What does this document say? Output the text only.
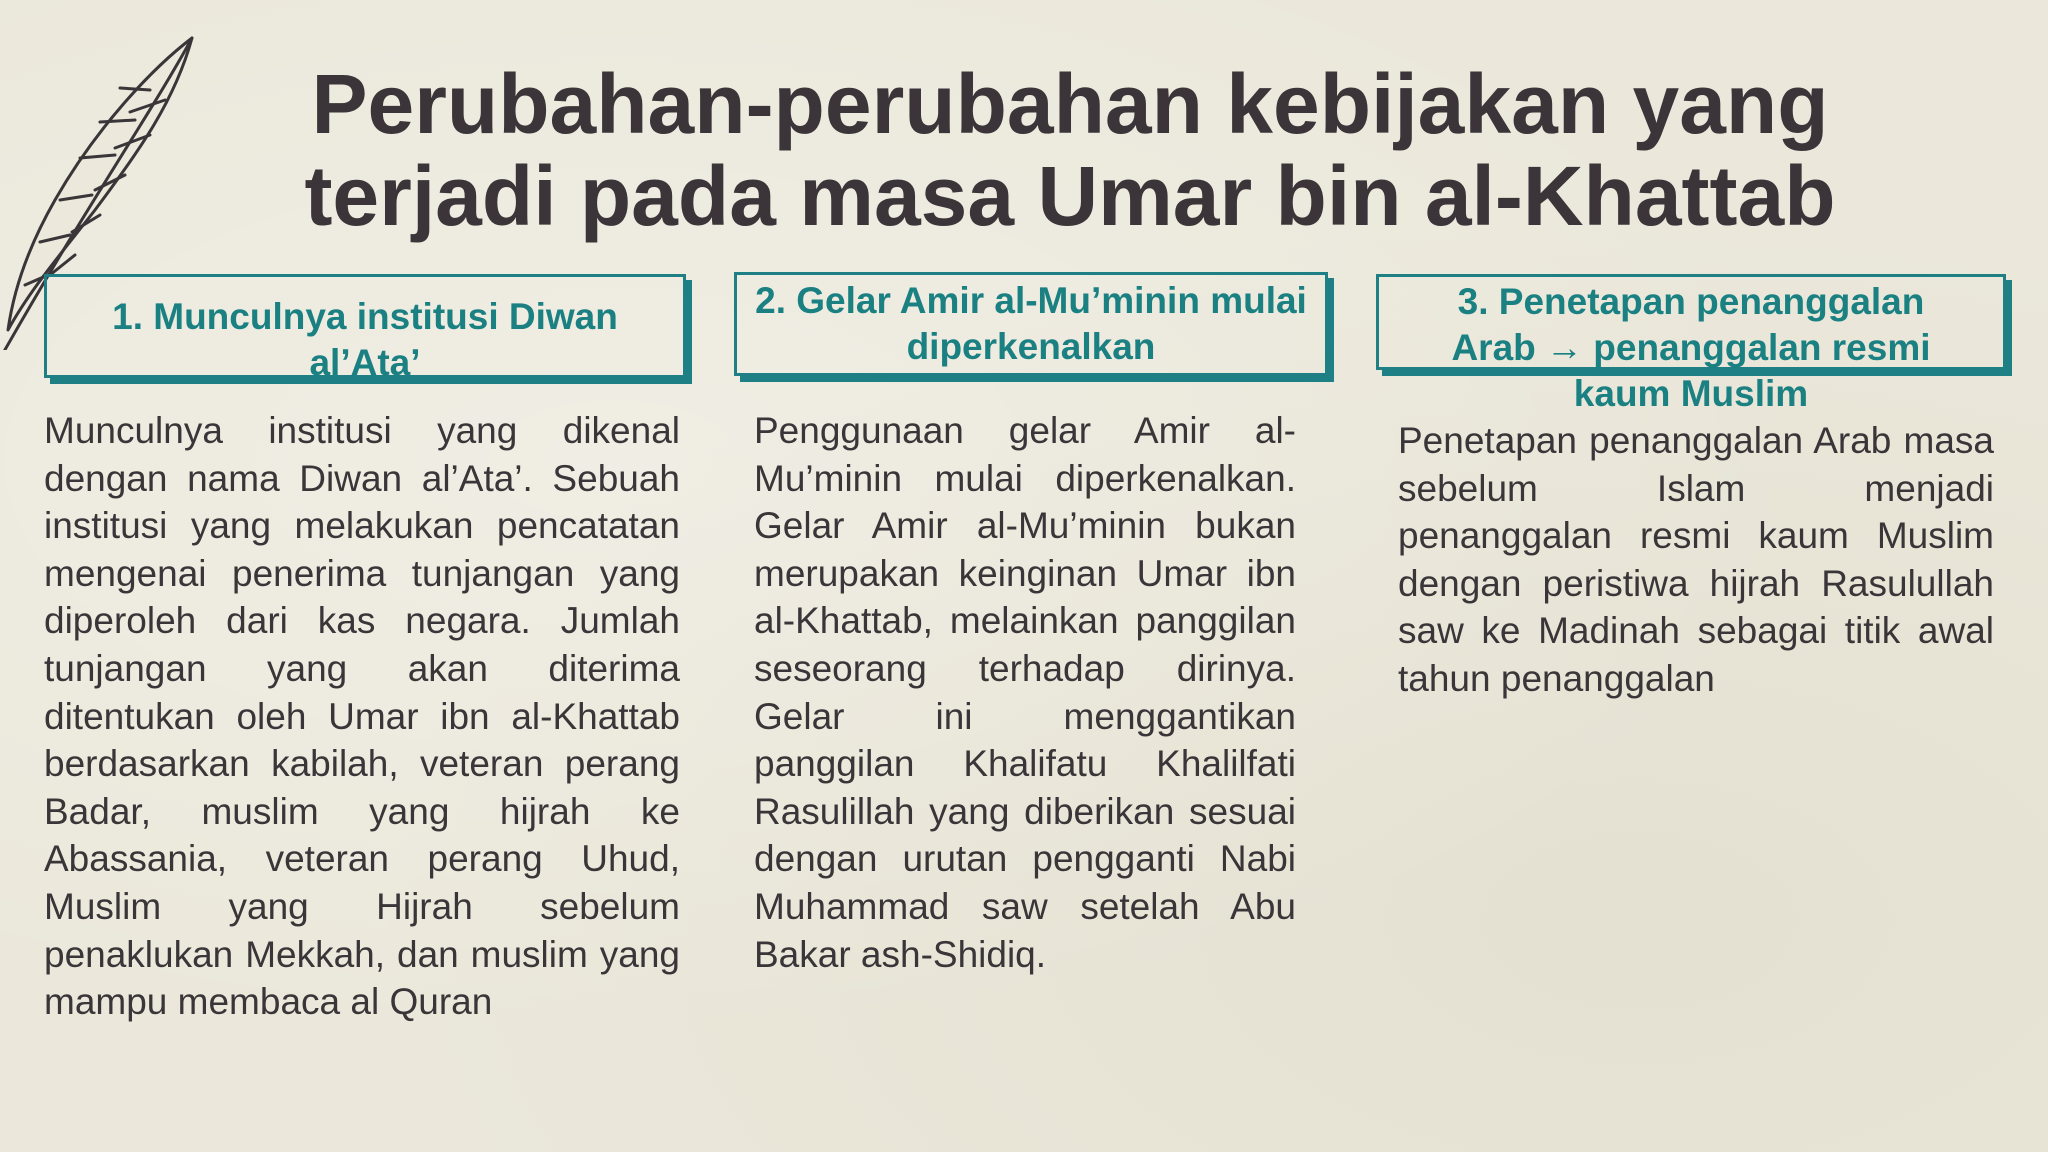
Perubahan-perubahan kebijakan yang terjadi pada masa Umar bin al-Khattab
1. Munculnya institusi Diwan al’Ata’

Munculnya institusi yang dikenal dengan nama Diwan al’Ata’. Sebuah institusi yang melakukan pencatatan mengenai penerima tunjangan yang diperoleh dari kas negara. Jumlah tunjangan yang akan diterima ditentukan oleh Umar ibn al-Khattab berdasarkan kabilah, veteran perang Badar, muslim yang hijrah ke Abassania, veteran perang Uhud, Muslim yang Hijrah sebelum penaklukan Mekkah, dan muslim yang mampu membaca al Quran

2. Gelar Amir al-Mu’minin mulai diperkenalkan

Penggunaan gelar Amir al-Mu’minin mulai diperkenalkan. Gelar Amir al-Mu’minin bukan merupakan keinginan Umar ibn al-Khattab, melainkan panggilan seseorang terhadap dirinya. Gelar ini menggantikan panggilan Khalifatu Khalilfati Rasulillah yang diberikan sesuai dengan urutan pengganti Nabi Muhammad saw setelah Abu Bakar ash-Shidiq.

3. Penetapan penanggalan Arab → penanggalan resmi kaum Muslim

Penetapan penanggalan Arab masa sebelum Islam menjadi penanggalan resmi kaum Muslim dengan peristiwa hijrah Rasulullah saw ke Madinah sebagai titik awal tahun penanggalan
